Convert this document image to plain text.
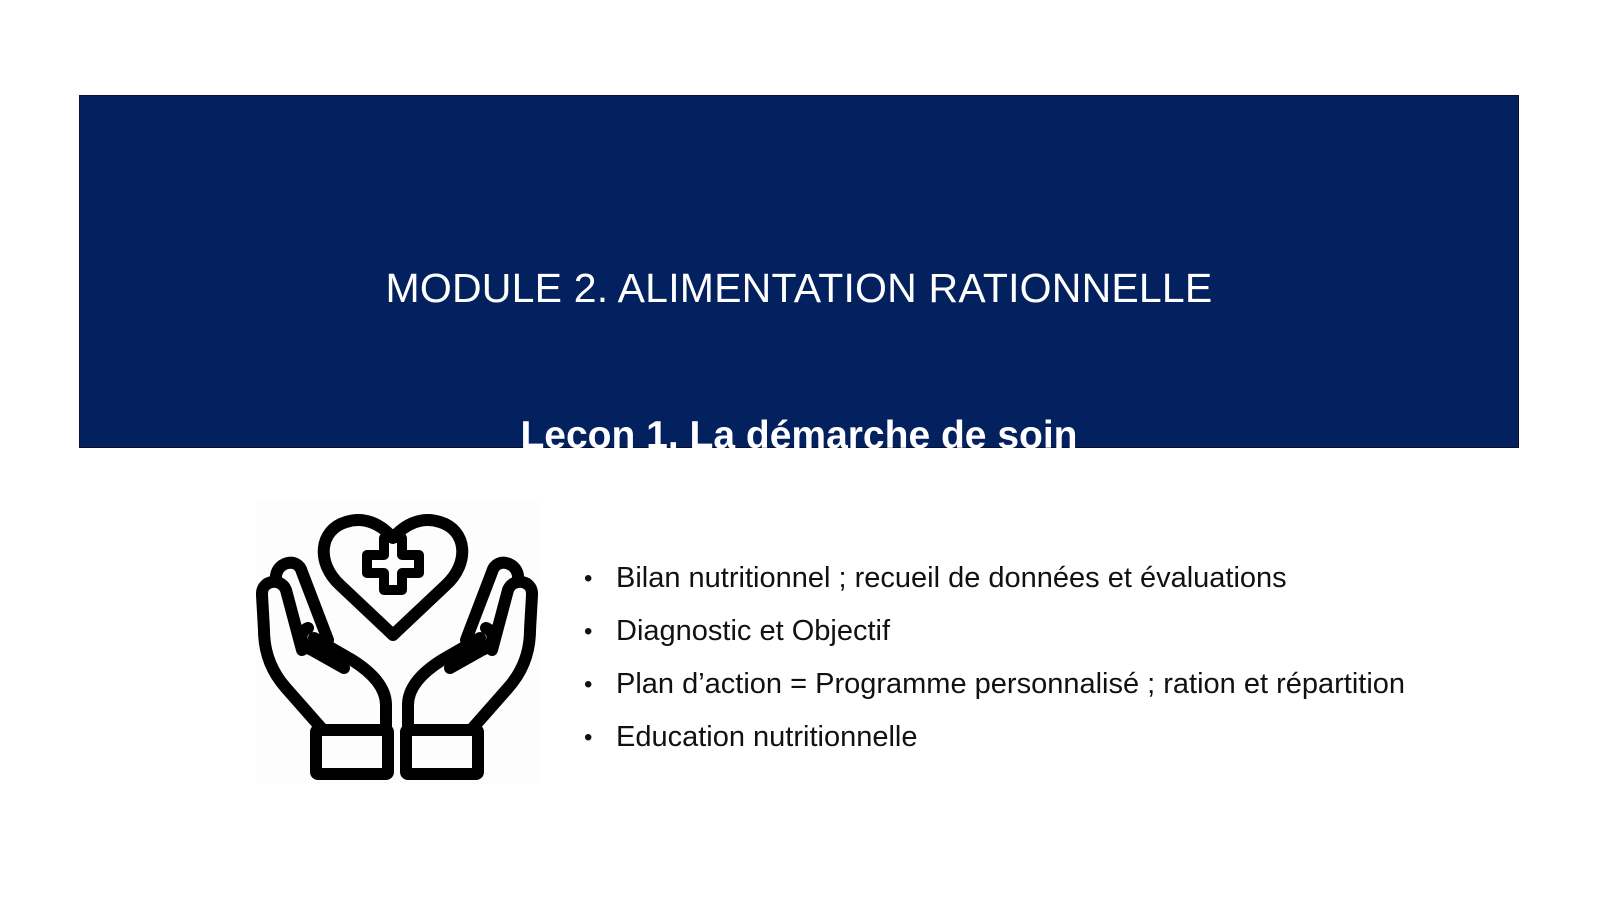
MODULE 2. ALIMENTATION RATIONNELLE
Leçon 1. La démarche de soin
• Bilan nutritionnel ; recueil de données et évaluations
• Diagnostic et Objectif
• Plan d’action = Programme personnalisé ; ration et répartition
• Education nutritionnelle
